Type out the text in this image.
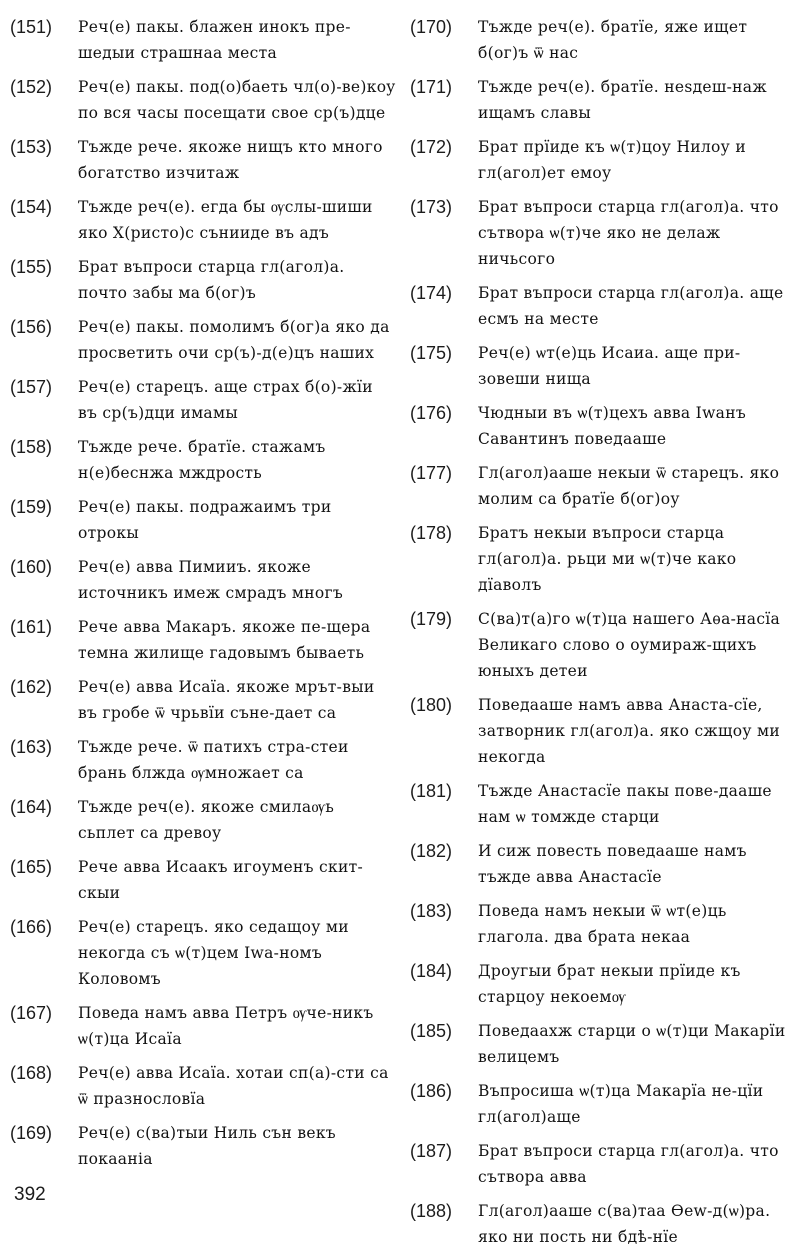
(151)	Реч(е) пакы. блажен инокъ пре-шедыи страшнаа места
(152)	Реч(е) пакы. под(о)баеть чл(о)-ве)кoy по вся часы посещати свое ср(ъ)дце
(153)	Тъжде рече. якоже нищъ кто много богатство изчитаж
(154)	Тъжде реч(е). егда бы ѹслы-шиши яко Х(ристо)с сънииде въ адъ
(155)	Брат въпроси старца гл(агол)а. почто забы ма б(ог)ъ
(156)	Реч(е) пакы. помолимъ б(ог)а яко да просветить очи ср(ъ)-д(е)цъ нашиx
(157)	Реч(е) старецъ. аще страх б(о)-жїи въ ср(ъ)дци имамы
(158)	Тъжде рече. братїе. стажамъ н(е)беснжа мждрость
(159)	Реч(е) пакы. подражаимъ три отрокы
(160)	Реч(е) авва Пимииъ. якоже источникъ имеж смрадъ многъ
(161)	Рече авва Макаръ. якоже пе-щера темна жилище гадовымъ бываеть
(162)	Реч(е) авва Исаїа. якоже мрът-выи въ гробе ѿ чрьвїи съне-дает са
(163)	Тъжде рече. ѿ патиxъ стра-стеи брань блжда ѹмножает са
(164)	Тъжде реч(е). якоже смилаѹь сьплет са древоу
(165)	Рече авва Исаакъ игоуменъ скит-скыи
(166)	Реч(е) старецъ. яко седащоу ми некогда съ ѡ(т)цем Іwа-номъ Коловомъ
(167)	Поведа намъ авва Петръ ѹче-никъ ѡ(т)ца Исаїа
(168)	Реч(е) авва Исаїа. хотаи сп(а)-сти са ѿ празнословїа
(169)	Реч(е) с(ва)тыи Ниль сън векъ покааніа
(170)	Тъжде реч(е). братїе, яже ищет б(ог)ъ ѿ нас
(171)	Тъжде реч(е). братїе. неѕдеш-наж ищамъ славы
(172)	Брат прїиде къ ѡ(т)цоу Нилоу и гл(агол)ет емоу
(173)	Брат въпроси старца гл(агол)а. что сътвора ѡ(т)че яко не делаж ничьсого
(174)	Брат въпроси старца гл(агол)а. аще есмъ на месте
(175)	Реч(е) ѡт(е)ць Исаиа. аще при-зовеши нища
(176)	Чюдныи въ ѡ(т)цеxъ авва Іwанъ Савантинъ поведааше
(177)	Гл(агол)ааше некыи ѿ старецъ. яко молим са братїе б(ог)оу
(178)	Братъ некыи въпроси старца гл(агол)а. рьци ми ѡ(т)че како дїаволъ
(179)	С(ва)т(а)го ѡ(т)ца нашего Аѳа-насїа Великаго слово о оумираж-щиxъ юныxъ детеи
(180)	Поведааше намъ авва Анаста-сїе, затворник гл(агол)а. яко сжщоу ми некогда
(181)	Тъжде Анастасїе пакы пове-дааше нам ѡ томжде старци
(182)	И сиж повесть поведааше намъ тъжде авва Анастасїе
(183)	Поведа намъ некыи ѿ ѡт(е)ць глагола. два брата некаа
(184)	Дроугыи брат некыи прїиде къ старцоу некоемѹ
(185)	Поведаахж старци о ѡ(т)ци Макарїи велицемъ
(186)	Въпросиша ѡ(т)ца Макарїа не-цїи гл(агол)аще
(187)	Брат въпроси старца гл(агол)а. что сътвора авва
(188)	Гл(агол)ааше с(ва)таа Ѳеw-д(ѡ)ра. яко ни пость ни бдѣ-нїе
392
